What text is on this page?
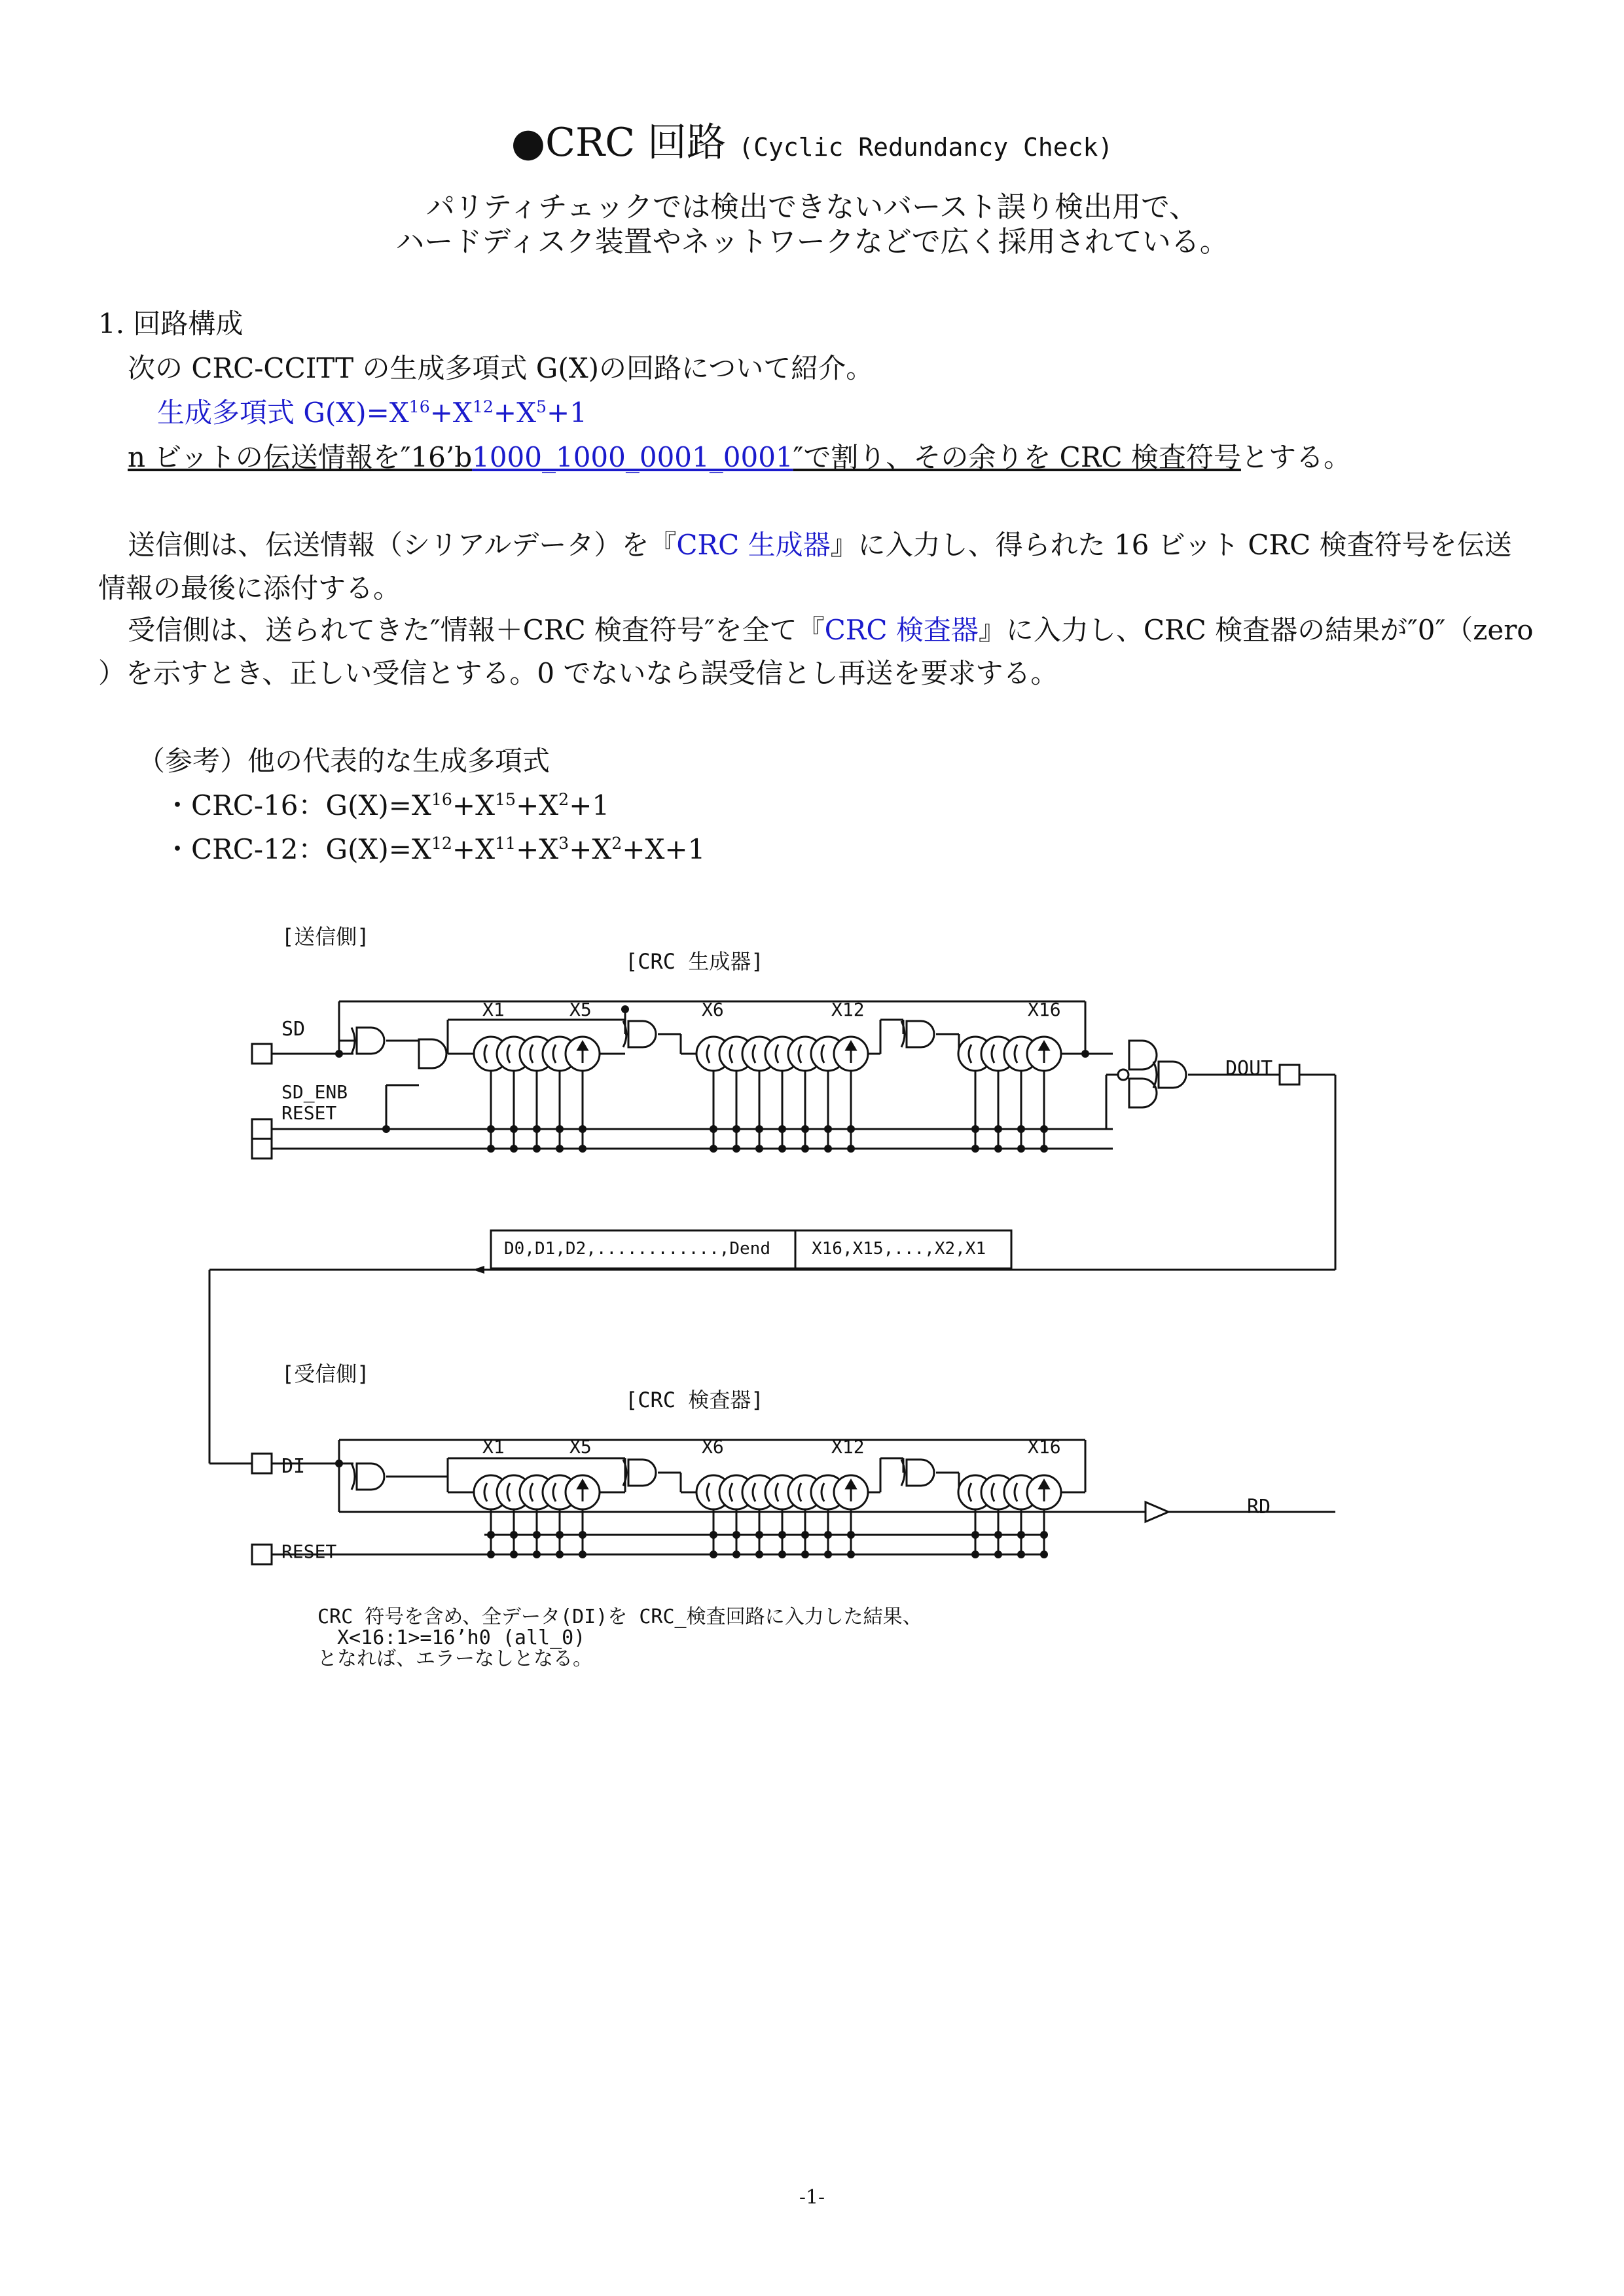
●CRC 回路 (Cyclic Redundancy Check)
パリティチェックでは検出できないバースト誤り検出用で、
ハードディスク装置やネットワークなどで広く採用されている。
1. 回路構成
次の CRC-CCITT の生成多項式 G(X)の回路について紹介。
生成多項式 $G(X)=X^{16}+X^{12}+X^5+1$
n ビットの伝送情報を″16’b1000_1000_0001_0001″で割り、その余りを CRC 検査符号とする。
送信側は、伝送情報（シリアルデータ）を『CRC 生成器』に入力し、得られた 16 ビット CRC 検査符号を伝送
情報の最後に添付する。
受信側は、送られてきた″情報＋CRC 検査符号″を全て『CRC 検査器』に入力し、CRC 検査器の結果が″0″（zero
）を示すとき、正しい受信とする。0 でないなら誤受信とし再送を要求する。
（参考）他の代表的な生成多項式
・CRC-16：$G(X)=X^{16}+X^{15}+X^2+1$
・CRC-12：$G(X)=X^{12}+X^{11}+X^3+X^2+X+1$
[送信側]
[CRC 生成器]
SD
SD_ENB
RESET
DOUT
X1	X5	X6	X12	X16
D0,D1,D2,............,Dend X16,X15,...,X2,X1
[受信側]
[CRC 検査器]
DI
RESET
RD
X1	X5	X6	X12	X16
CRC 符号を含め、全データ(DI)を CRC_検査回路に入力した結果、
X<16:1>=16’h0 (all_0)
となれば、エラーなしとなる。
-1-
